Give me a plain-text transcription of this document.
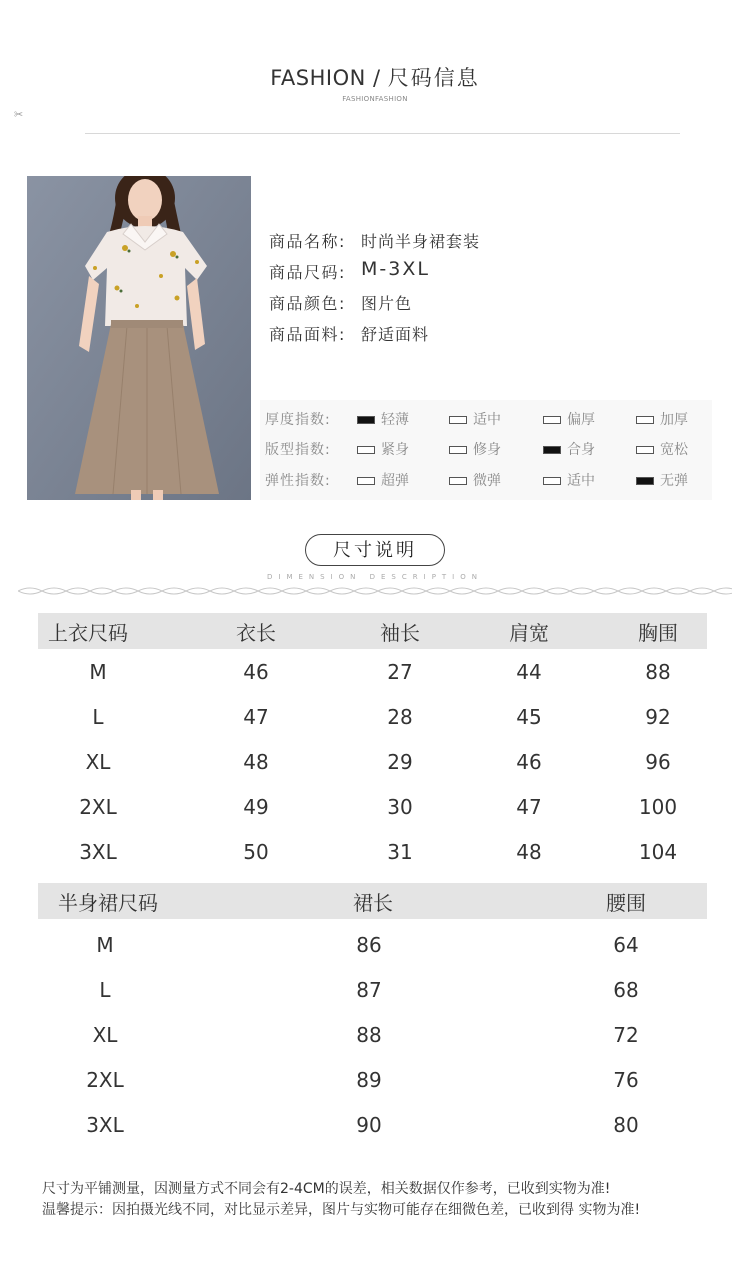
FASHION / 尺码信息
FASHIONFASHION
✂
商品名称: 时尚半身裙套装
商品尺码: M-3XL
商品颜色: 图片色
商品面料: 舒适面料
厚度指数:	轻薄	适中	偏厚	加厚
版型指数:	紧身	修身	合身	宽松
弹性指数:	超弹	微弹	适中	无弹
尺寸说明
DIMENSION DESCRIPTION
上衣尺码	衣长	袖长	肩宽	胸围
M	46	27	44	88
L	47	28	45	92
XL	48	29	46	96
2XL	49	30	47	100
3XL	50	31	48	104
半身裙尺码	裙长	腰围
M	86	64
L	87	68
XL	88	72
2XL	89	76
3XL	90	80
尺寸为平铺测量，因测量方式不同会有2-4CM的误差，相关数据仅作参考，已收到实物为准!
温馨提示：因拍摄光线不同，对比显示差异，图片与实物可能存在细微色差，已收到得 实物为准!
